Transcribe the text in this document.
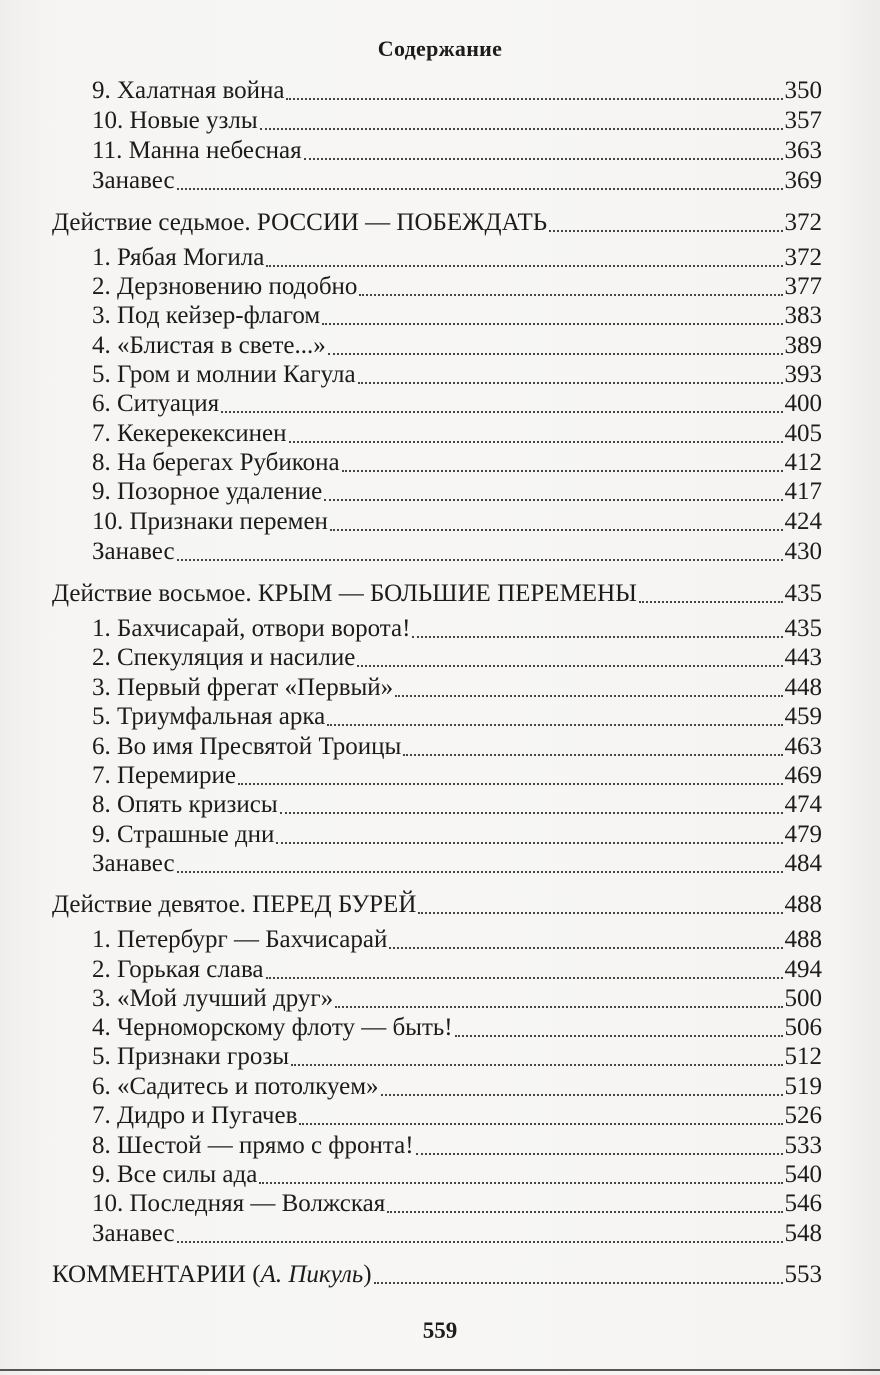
Содержание
9. Халатная война	350
10. Новые узлы	357
11. Манна небесная	363
Занавес	369
Действие седьмое. РОССИИ — ПОБЕЖДАТЬ	372
1. Рябая Могила	372
2. Дерзновению подобно	377
3. Под кейзер-флагом	383
4. «Блистая в свете...»	389
5. Гром и молнии Кагула	393
6. Ситуация	400
7. Кекерекексинен	405
8. На берегах Рубикона	412
9. Позорное удаление	417
10. Признаки перемен	424
Занавес	430
Действие восьмое. КРЫМ — БОЛЬШИЕ ПЕРЕМЕНЫ	435
1. Бахчисарай, отвори ворота!	435
2. Спекуляция и насилие	443
3. Первый фрегат «Первый»	448
5. Триумфальная арка	459
6. Во имя Пресвятой Троицы	463
7. Перемирие	469
8. Опять кризисы	474
9. Страшные дни	479
Занавес	484
Действие девятое. ПЕРЕД БУРЕЙ	488
1. Петербург — Бахчисарай	488
2. Горькая слава	494
3. «Мой лучший друг»	500
4. Черноморскому флоту — быть!	506
5. Признаки грозы	512
6. «Садитесь и потолкуем»	519
7. Дидро и Пугачев	526
8. Шестой — прямо с фронта!	533
9. Все силы ада	540
10. Последняя — Волжская	546
Занавес	548
КОММЕНТАРИИ (А. Пикуль)	553
559
